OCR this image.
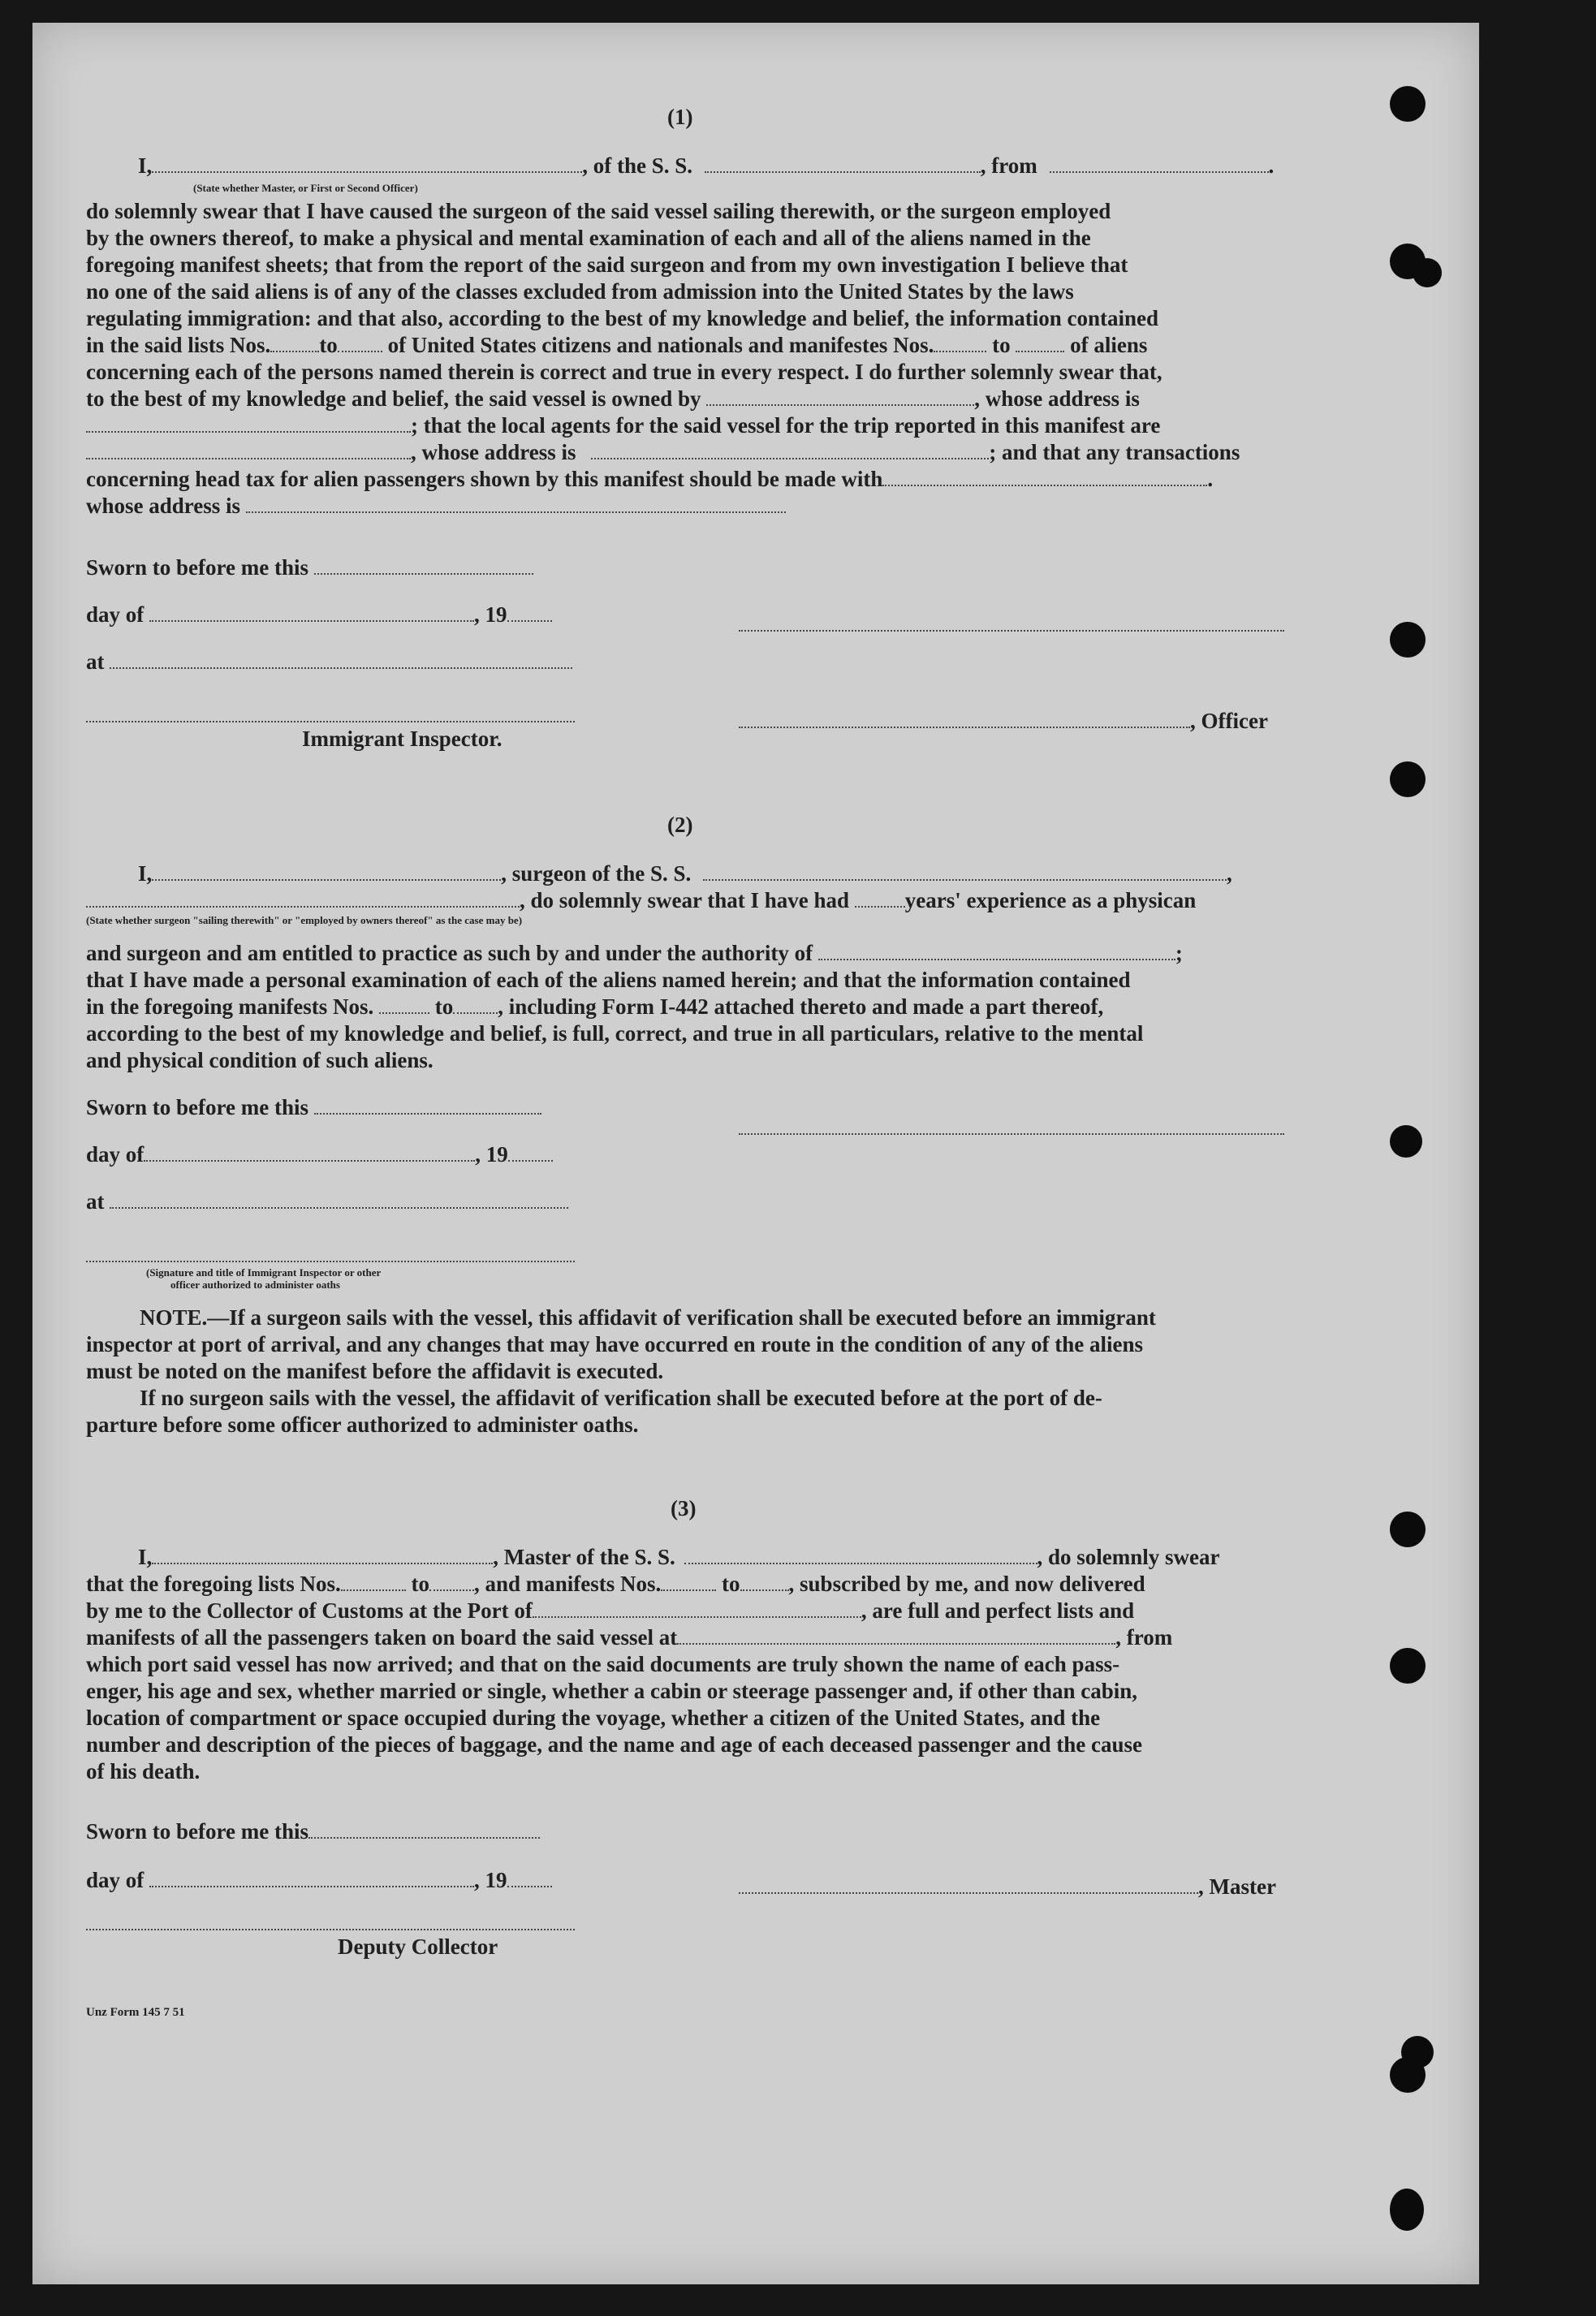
(1)
I,	, of the S. S.	, from	.
(State whether Master, or First or Second Officer)
do solemnly swear that I have caused the surgeon of the said vessel sailing therewith, or the surgeon employed
by the owners thereof, to make a physical and mental examination of each and all of the aliens named in the
foregoing manifest sheets; that from the report of the said surgeon and from my own investigation I believe that
no one of the said aliens is of any of the classes excluded from admission into the United States by the laws
regulating immigration: and that also, according to the best of my knowledge and belief, the information contained
in the said lists Nos. to of United States citizens and nationals and manifestes Nos.	to	of aliens
concerning each of the persons named therein is correct and true in every respect. I do further solemnly swear that,
to the best of my knowledge and belief, the said vessel is owned by	, whose address is
; that the local agents for the said vessel for the trip reported in this manifest are
, whose address is	; and that any transactions
concerning head tax for alien passengers shown by this manifest should be made with	.
whose address is
Sworn to before me this
day of	, 19
at
Immigrant Inspector.
, Officer
(2)
I,	, surgeon of the S. S.	,
, do solemnly swear that I have had	years' experience as a physican
(State whether surgeon "sailing therewith" or "employed by owners thereof" as the case may be)
and surgeon and am entitled to practice as such by and under the authority of	;
that I have made a personal examination of each of the aliens named herein; and that the information contained
in the foregoing manifests Nos.	to , including Form I-442 attached thereto and made a part thereof,
according to the best of my knowledge and belief, is full, correct, and true in all particulars, relative to the mental
and physical condition of such aliens.
Sworn to before me this
day of	, 19
at
(Signature and title of Immigrant Inspector or other
officer authorized to administer oaths
NOTE.—If a surgeon sails with the vessel, this affidavit of verification shall be executed before an immigrant
inspector at port of arrival, and any changes that may have occurred en route in the condition of any of the aliens
must be noted on the manifest before the affidavit is executed.
If no surgeon sails with the vessel, the affidavit of verification shall be executed before at the port of de-
parture before some officer authorized to administer oaths.
(3)
I,	, Master of the S. S.	, do solemnly swear
that the foregoing lists Nos.	to , and manifests Nos.	to , subscribed by me, and now delivered
by me to the Collector of Customs at the Port of	, are full and perfect lists and
manifests of all the passengers taken on board the said vessel at	, from
which port said vessel has now arrived; and that on the said documents are truly shown the name of each pass-
enger, his age and sex, whether married or single, whether a cabin or steerage passenger and, if other than cabin,
location of compartment or space occupied during the voyage, whether a citizen of the United States, and the
number and description of the pieces of baggage, and the name and age of each deceased passenger and the cause
of his death.
Sworn to before me this
day of	, 19	, Master
Deputy Collector
Unz Form 145 7 51
